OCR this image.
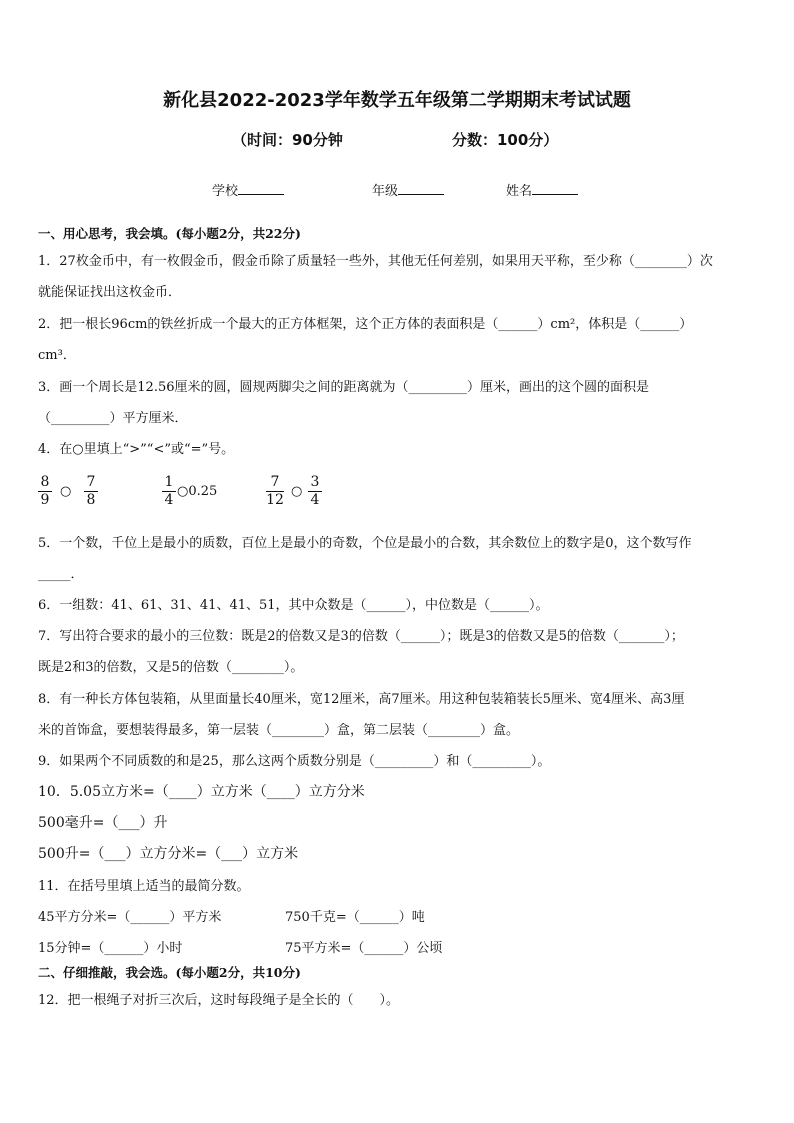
新化县2022-2023学年数学五年级第二学期期末考试试题
（时间：90分钟	分数：100分）
学校	年级	姓名
一、用心思考，我会填。(每小题2分，共22分)
1．27枚金币中，有一枚假金币，假金币除了质量轻一些外，其他无任何差别，如果用天平称，至少称（________）次
就能保证找出这枚金币．
2．把一根长96cm的铁丝折成一个最大的正方体框架，这个正方体的表面积是（______）cm²，体积是（______）
cm³．
3．画一个周长是12.56厘米的圆，圆规两脚尖之间的距离就为（_________）厘米，画出的这个圆的面积是
（_________）平方厘米．
4．在○里填上“>”“<”或“=”号。
8
9
○
7
8
1
4
○0.25
7
12
○
3
4
5．一个数，千位上是最小的质数，百位上是最小的奇数，个位是最小的合数，其余数位上的数字是0，这个数写作
_____．
6．一组数：41、61、31、41、41、51，其中众数是（______），中位数是（______）。
7．写出符合要求的最小的三位数：既是2的倍数又是3的倍数（______）；既是3的倍数又是5的倍数（_______）；
既是2和3的倍数，又是5的倍数（________）。
8．有一种长方体包装箱，从里面量长40厘米，宽12厘米，高7厘米。用这种包装箱装长5厘米、宽4厘米、高3厘
米的首饰盒，要想装得最多，第一层装（________）盒，第二层装（________）盒。
9．如果两个不同质数的和是25，那么这两个质数分别是（_________）和（_________）。
10．5.05立方米=（____）立方米（____）立方分米
500毫升=（___）升
500升=（___）立方分米=（___）立方米
11．在括号里填上适当的最简分数。
45平方分米=（______）平方米	750千克=（______）吨
15分钟=（______）小时	75平方米=（______）公顷
二、仔细推敲，我会选。(每小题2分，共10分)
12．把一根绳子对折三次后，这时每段绳子是全长的（　　）。
